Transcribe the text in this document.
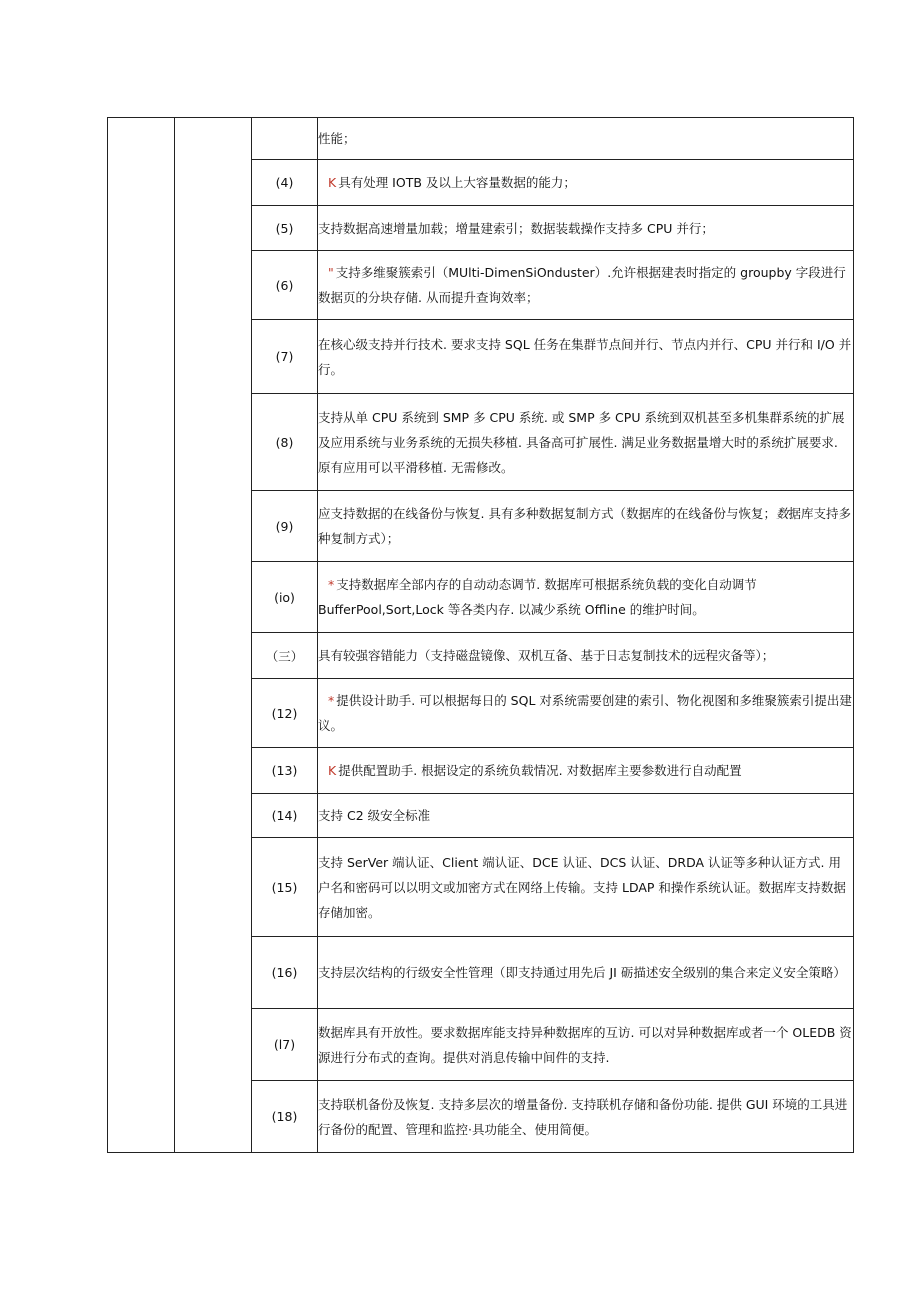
			性能；
		(4)	K 具有处理 IOTB 及以上大容量数据的能力；
		(5)	支持数据高速增量加载；增量建索引；数据装载操作支持多 CPU 并行；
		(6)	" 支持多维聚簇索引（MUlti-DimenSiOnduster）.允许根据建表时指定的 groupby 字段进行数据页的分块存储. 从而提升查询效率；
		(7)	在核心级支持并行技术. 要求支持 SQL 任务在集群节点间并行、节点内并行、CPU 并行和 I/O 并行。
		(8)	支持从单 CPU 系统到 SMP 多 CPU 系统. 或 SMP 多 CPU 系统到双机甚至多机集群系统的扩展及应用系统与业务系统的无损失移植. 具备高可扩展性. 满足业务数据量增大时的系统扩展要求. 原有应用可以平滑移植. 无需修改。
		(9)	应支持数据的在线备份与恢复. 具有多种数据复制方式（数据库的在线备份与恢复；数据库支持多种复制方式）；
		(io)	* 支持数据库全部内存的自动动态调节. 数据库可根据系统负载的变化自动调节 BufferPool,Sort,Lock 等各类内存. 以减少系统 Offline 的维护时间。
		（三）	具有较强容错能力（支持磁盘镜像、双机互备、基于日志复制技术的远程灾备等）；
		(12)	* 提供设计助手. 可以根据每日的 SQL 对系统需要创建的索引、物化视图和多维聚簇索引提出建议。
		(13)	K 提供配置助手. 根据设定的系统负载情况. 对数据库主要参数进行自动配置
		(14)	支持 C2 级安全标准
		(15)	支持 SerVer 端认证、Client 端认证、DCE 认证、DCS 认证、DRDA 认证等多种认证方式. 用户名和密码可以以明文或加密方式在网络上传输。支持 LDAP 和操作系统认证。数据库支持数据存储加密。
		(16)	支持层次结构的行级安全性管理（即支持通过用先后 JI 砺描述安全级别的集合来定义安全策略）
		(l7)	数据库具有开放性。要求数据库能支持异种数据库的互访. 可以对异种数据库或者一个 OLEDB 资源进行分布式的查询。提供对消息传输中间件的支持.
		(18)	支持联机备份及恢复. 支持多层次的增量备份. 支持联机存储和备份功能. 提供 GUI 环境的工具进行备份的配置、管理和监控·具功能全、使用简便。
